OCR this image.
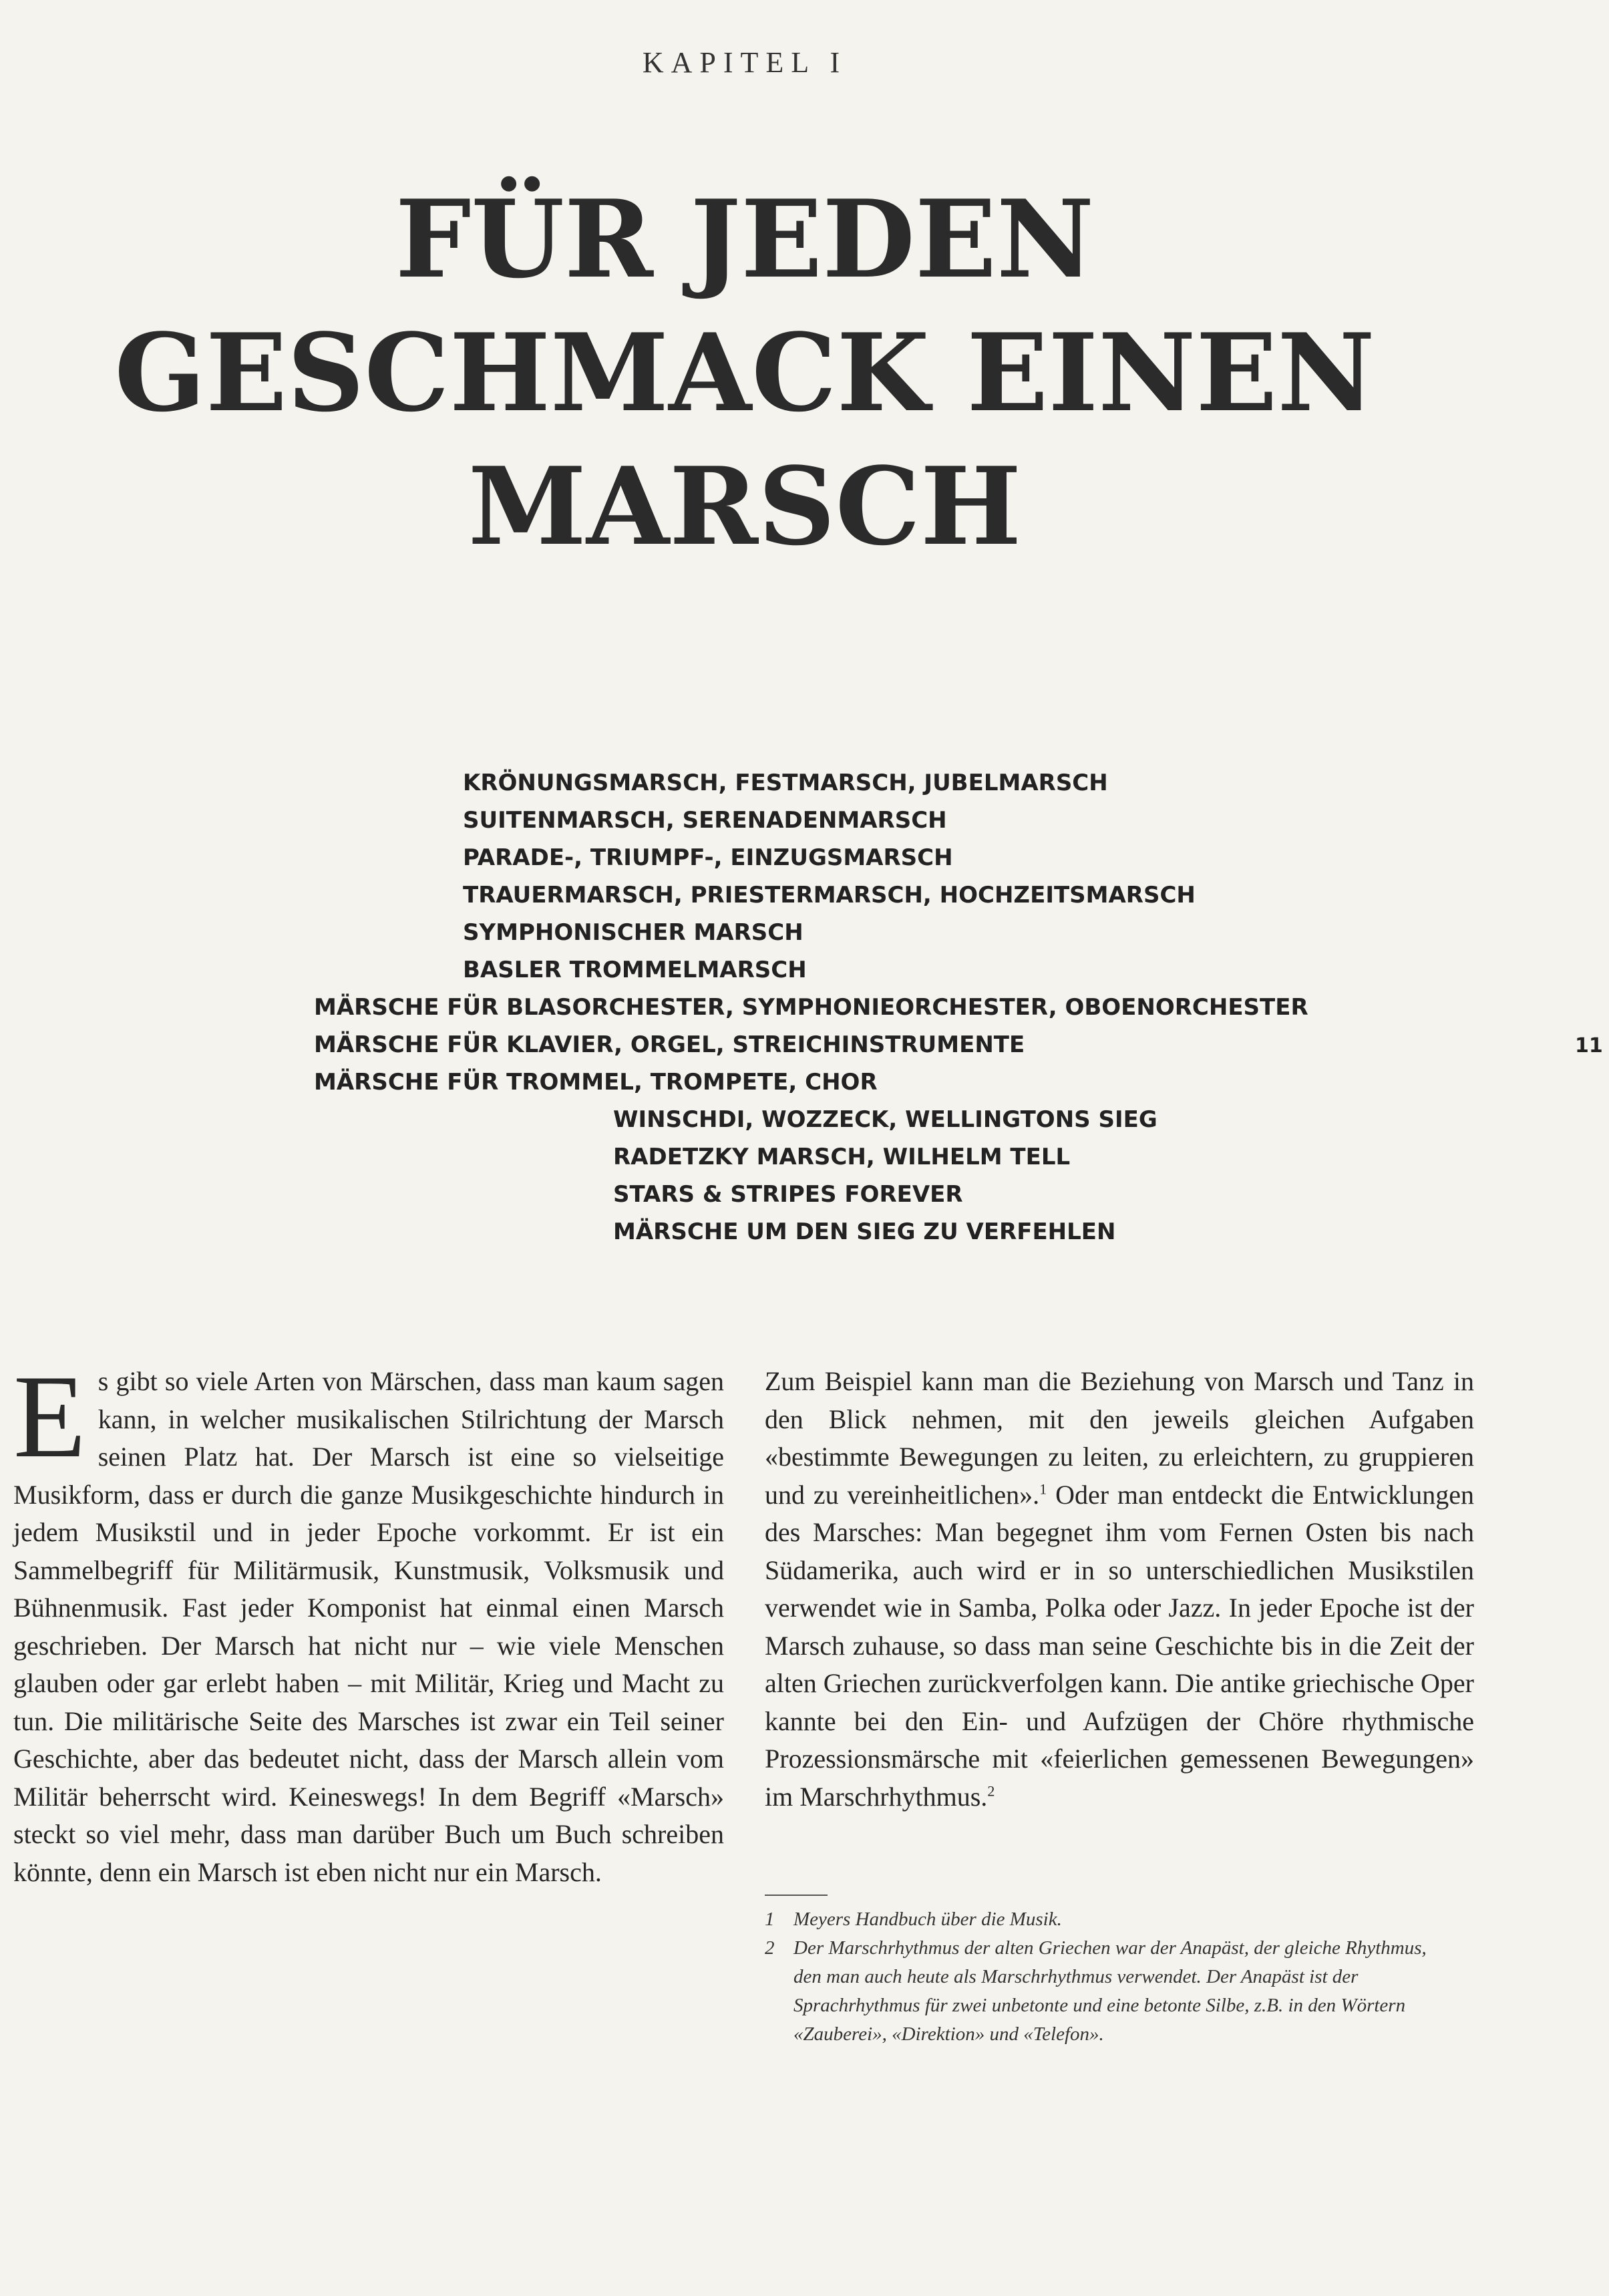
KAPITEL I
FÜR JEDEN
GESCHMACK EINEN
MARSCH
KRÖNUNGSMARSCH, FESTMARSCH, JUBELMARSCH
SUITENMARSCH, SERENADENMARSCH
PARADE-, TRIUMPF-, EINZUGSMARSCH
TRAUERMARSCH, PRIESTERMARSCH, HOCHZEITSMARSCH
SYMPHONISCHER MARSCH
BASLER TROMMELMARSCH
MÄRSCHE FÜR BLASORCHESTER, SYMPHONIEORCHESTER, OBOENORCHESTER
MÄRSCHE FÜR KLAVIER, ORGEL, STREICHINSTRUMENTE
MÄRSCHE FÜR TROMMEL, TROMPETE, CHOR
WINSCHDI, WOZZECK, WELLINGTONS SIEG
RADETZKY MARSCH, WILHELM TELL
STARS & STRIPES FOREVER
MÄRSCHE UM DEN SIEG ZU VERFEHLEN
11

Es gibt so viele Arten von Märschen, dass man kaum sagen kann, in welcher musikalischen Stilrichtung der Marsch seinen Platz hat. Der Marsch ist eine so vielseitige Musikform, dass er durch die ganze Musikgeschichte hindurch in jedem Musikstil und in jeder Epoche vorkommt. Er ist ein Sammelbegriff für Militärmusik, Kunstmusik, Volksmusik und Bühnenmusik. Fast jeder Komponist hat einmal einen Marsch geschrieben. Der Marsch hat nicht nur – wie viele Menschen glauben oder gar erlebt haben – mit Militär, Krieg und Macht zu tun. Die militärische Seite des Marsches ist zwar ein Teil seiner Geschichte, aber das bedeutet nicht, dass der Marsch allein vom Militär beherrscht wird. Keineswegs! In dem Begriff «Marsch» steckt so viel mehr, dass man darüber Buch um Buch schreiben könnte, denn ein Marsch ist eben nicht nur ein Marsch.

Zum Beispiel kann man die Beziehung von Marsch und Tanz in den Blick nehmen, mit den jeweils gleichen Aufgaben «bestimmte Bewegungen zu leiten, zu erleichtern, zu gruppieren und zu vereinheitlichen».$^1$ Oder man entdeckt die Entwicklungen des Marsches: Man begegnet ihm vom Fernen Osten bis nach Südamerika, auch wird er in so unterschiedlichen Musikstilen verwendet wie in Samba, Polka oder Jazz. In jeder Epoche ist der Marsch zuhause, so dass man seine Geschichte bis in die Zeit der alten Griechen zurückverfolgen kann. Die antike griechische Oper kannte bei den Ein- und Aufzügen der Chöre rhythmische Prozessionsmärsche mit «feierlichen gemessenen Bewegungen» im Marschrhythmus.$^2$

1 Meyers Handbuch über die Musik.
2 Der Marschrhythmus der alten Griechen war der Anapäst, der gleiche Rhythmus, den man auch heute als Marschrhythmus verwendet. Der Anapäst ist der Sprachrhythmus für zwei unbetonte und eine betonte Silbe, z.B. in den Wörtern «Zauberei», «Direktion» und «Telefon».
